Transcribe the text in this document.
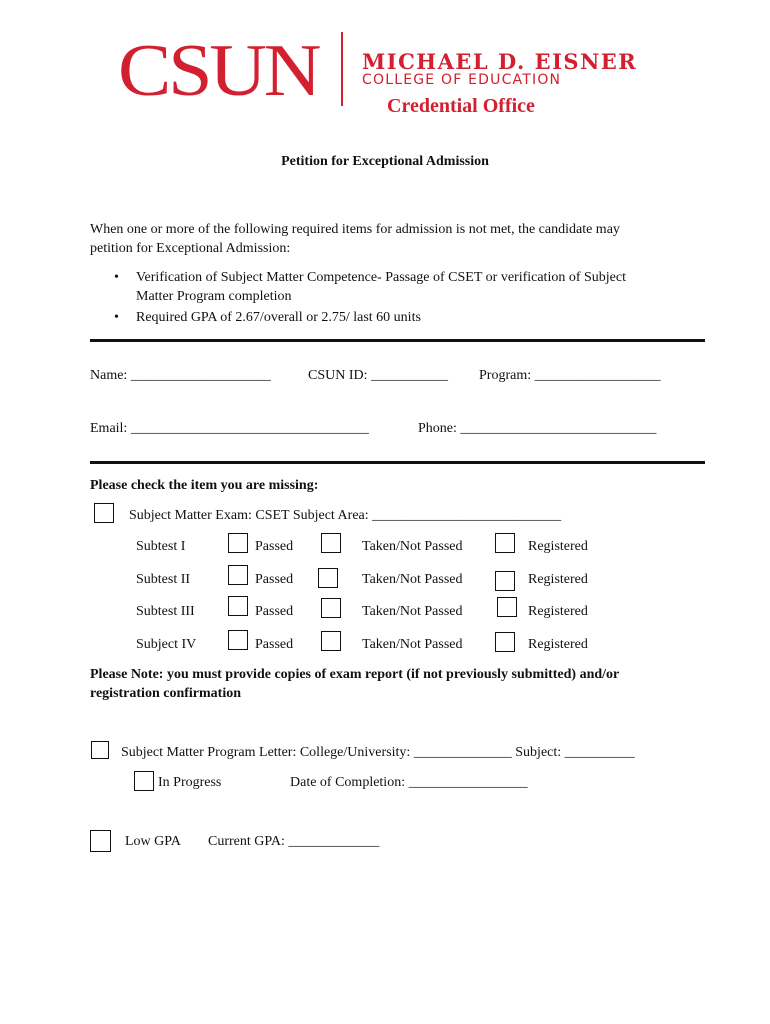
CSUN MICHAEL D. EISNER
COLLEGE OF EDUCATION
Credential Office
Petition for Exceptional Admission
When one or more of the following required items for admission is not met, the candidate may
petition for Exceptional Admission:
• Verification of Subject Matter Competence- Passage of CSET or verification of Subject
Matter Program completion
• Required GPA of 2.67/overall or 2.75/ last 60 units
Name: ____________________	CSUN ID: ___________ Program: __________________
Email: __________________________________	Phone: ____________________________
Please check the item you are missing:
Subject Matter Exam: CSET Subject Area: ___________________________
Subtest I	Passed	Taken/Not Passed	Registered
Subtest II	Passed	Taken/Not Passed	Registered
Subtest III	Passed	Taken/Not Passed	Registered
Subject IV	Passed	Taken/Not Passed	Registered
Please Note: you must provide copies of exam report (if not previously submitted) and/or
registration confirmation
Subject Matter Program Letter: College/University: ______________ Subject: __________
In Progress	Date of Completion: _________________
Low GPA Current GPA: _____________
